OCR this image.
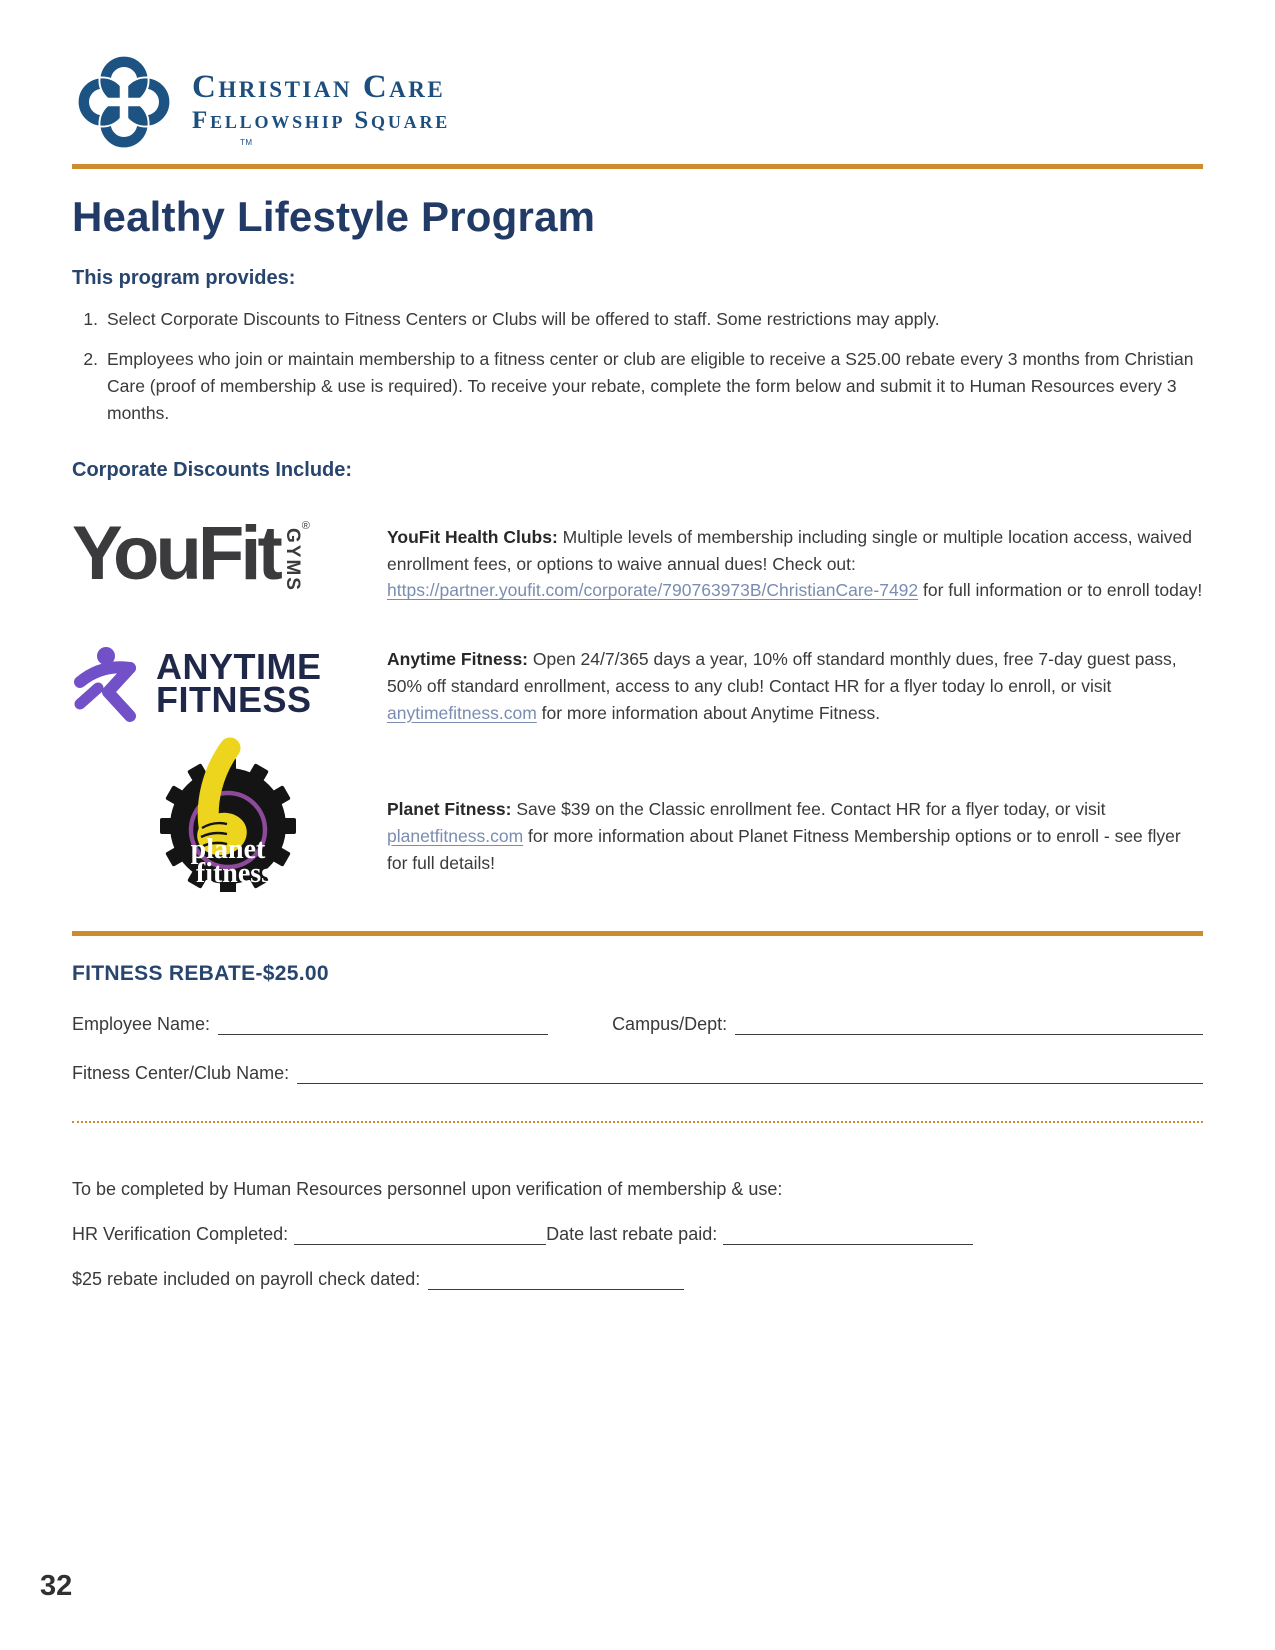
TM
Christian Care
Fellowship Square
Healthy Lifestyle Program
This program provides:
1. Select Corporate Discounts to Fitness Centers or Clubs will be offered to staff. Some restrictions may apply.
2. Employees who join or maintain membership to a fitness center or club are eligible to receive a S25.00 rebate every 3 months from Christian Care (proof of membership & use is required). To receive your rebate, complete the form below and submit it to Human Resources every 3 months.
Corporate Discounts Include:
YouFit GYMS
®
YouFit Health Clubs: Multiple levels of membership including single or multiple location access, waived enrollment fees, or options to waive annual dues! Check out: https://partner.youfit.com/corporate/790763973B/ChristianCare-7492 for full information or to enroll today!
ANYTIME
FITNESS
Anytime Fitness: Open 24/7/365 days a year, 10% off standard monthly dues, free 7-day guest pass, 50% off standard enrollment, access to any club! Contact HR for a flyer today lo enroll, or visit anytimefitness.com for more information about Anytime Fitness.
planet
fitness
Planet Fitness: Save $39 on the Classic enrollment fee. Contact HR for a flyer today, or visit planetfitness.com for more information about Planet Fitness Membership options or to enroll - see flyer for full details!
FITNESS REBATE-$25.00
Employee Name:	Campus/Dept:
Fitness Center/Club Name:
To be completed by Human Resources personnel upon verification of membership & use:
HR Verification Completed:	Date last rebate paid:
$25 rebate included on payroll check dated:
32
